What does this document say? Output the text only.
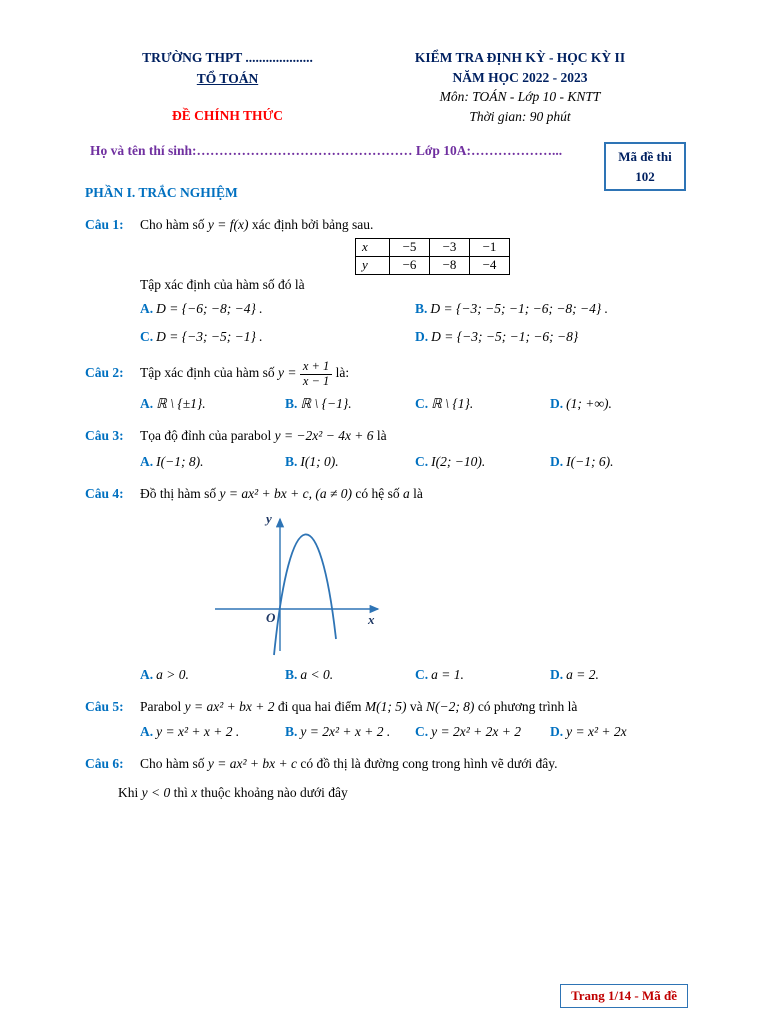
TRƯỜNG THPT ....................
TỔ TOÁN
ĐỀ CHÍNH THỨC
KIỂM TRA ĐỊNH KỲ - HỌC KỲ II
NĂM HỌC 2022 - 2023
Môn: TOÁN - Lớp 10 - KNTT
Thời gian: 90 phút
Mã đề thi
102
Họ và tên thí sinh:………………………………………… Lớp 10A:………………...
PHẦN I. TRẮC NGHIỆM
Câu 1: Cho hàm số y = f(x) xác định bởi bảng sau.
x	−5	−3	−1
y	−6	−8	−4
Tập xác định của hàm số đó là
A. D = {−6; −8; −4} .	B. D = {−3; −5; −1; −6; −8; −4} .
C. D = {−3; −5; −1} .	D. D = {−3; −5; −1; −6; −8}
Câu 2: Tập xác định của hàm số $y = \frac{x + 1}{x - 1}$ là:
A. ℝ \ {±1}.	B. ℝ \ {−1}.	C. ℝ \ {1}.	D. (1; +∞).
Câu 3: Tọa độ đỉnh của parabol y = −2x² − 4x + 6 là
A. I(−1; 8).	B. I(1; 0).	C. I(2; −10).	D. I(−1; 6).
Câu 4: Đồ thị hàm số y = ax² + bx + c, (a ≠ 0) có hệ số a là
O	x
y
A. a > 0.	B. a < 0.	C. a = 1.	D. a = 2.
Câu 5: Parabol y = ax² + bx + 2 đi qua hai điểm M(1; 5) và N(−2; 8) có phương trình là
A. y = x² + x + 2 .	B. y = 2x² + x + 2 .	C. y = 2x² + 2x + 2	D. y = x² + 2x
Câu 6: Cho hàm số y = ax² + bx + c có đồ thị là đường cong trong hình vẽ dưới đây.
Khi y < 0 thì x thuộc khoảng nào dưới đây
Trang 1/14 - Mã đề
